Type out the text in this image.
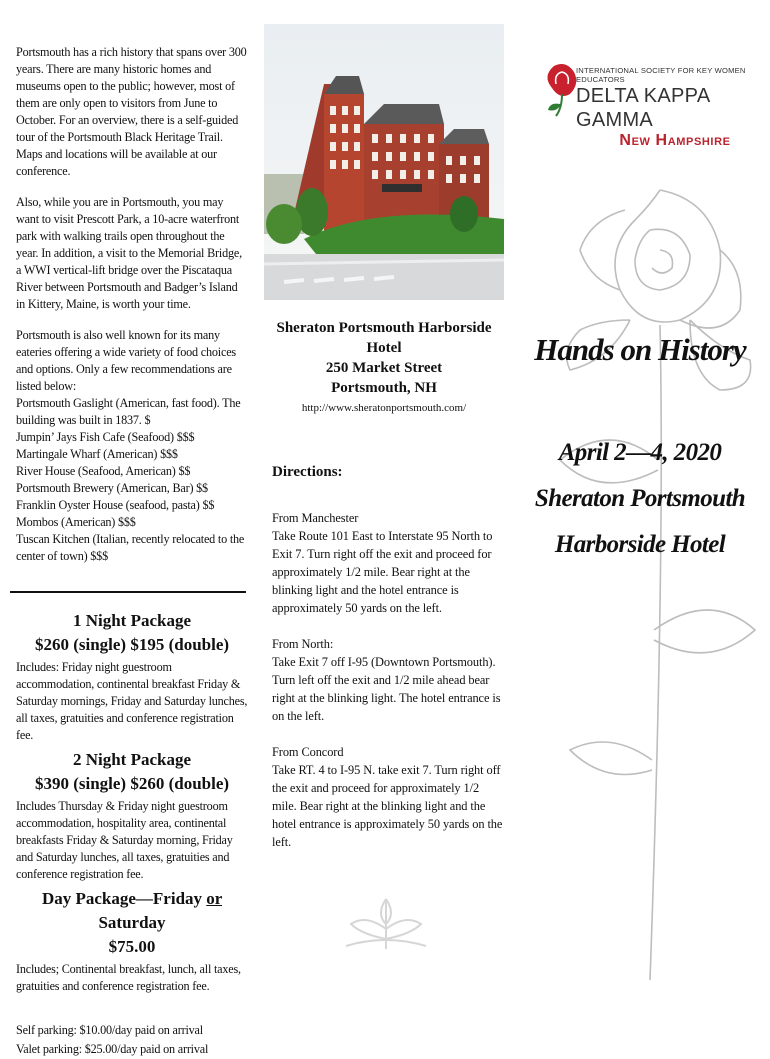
Portsmouth has a rich history that spans over 300 years. There are many historic homes and museums open to the public; however, most of them are only open to visitors from June to October. For an overview, there is a self-guided tour of the Portsmouth Black Heritage Trail. Maps and locations will be available at our conference.

Also, while you are in Portsmouth, you may want to visit Prescott Park, a 10-acre waterfront park with walking trails open throughout the year. In addition, a visit to the Memorial Bridge, a WWI vertical-lift bridge over the Piscataqua River between Portsmouth and Badger’s Island in Kittery, Maine, is worth your time.

Portsmouth is also well known for its many eateries offering a wide variety of food choices and options. Only a few recommendations are listed below:

Portsmouth Gaslight (American, fast food). The building was built in 1837. $
Jumpin’ Jays Fish Cafe (Seafood) $$$
Martingale Wharf (American) $$$
River House (Seafood, American) $$
Portsmouth Brewery (American, Bar) $$
Franklin Oyster House (seafood, pasta) $$
Mombos (American) $$$
Tuscan Kitchen (Italian, recently relocated to the center of town) $$$

1 Night Package

$260 (single) $195 (double)

Includes: Friday night guestroom accommodation, continental breakfast Friday & Saturday mornings, Friday and Saturday lunches, all taxes, gratuities and conference registration fee.

2 Night Package

$390 (single) $260 (double)

Includes Thursday & Friday night guestroom accommodation, hospitality area, continental breakfasts Friday & Saturday morning, Friday and Saturday lunches, all taxes, gratuities and conference registration fee.

Day Package—Friday or Saturday

$75.00

Includes; Continental breakfast, lunch, all taxes, gratuities and conference registration fee.

Self parking: $10.00/day paid on arrival
Valet parking: $25.00/day paid on arrival

Sheraton Portsmouth Harborside Hotel
250 Market Street
Portsmouth, NH

http://www.sheratonportsmouth.com/

Directions:

From Manchester
Take Route 101 East to Interstate 95 North to Exit 7. Turn right off the exit and proceed for approximately 1/2 mile. Bear right at the blinking light and the hotel entrance is approximately 50 yards on the left.
From North:
Take Exit 7 off I-95 (Downtown Portsmouth). Turn left off the exit and 1/2 mile ahead bear right at the blinking light. The hotel entrance is on the left.
From Concord
Take RT. 4 to I-95 N. take exit 7. Turn right off the exit and proceed for approximately 1/2 mile. Bear right at the blinking light and the hotel entrance is approximately 50 yards on the left.
INTERNATIONAL SOCIETY FOR KEY WOMEN EDUCATORS
DELTA KAPPA GAMMA
New Hampshire
Hands on History
April 2—4, 2020
Sheraton Portsmouth
Harborside Hotel
